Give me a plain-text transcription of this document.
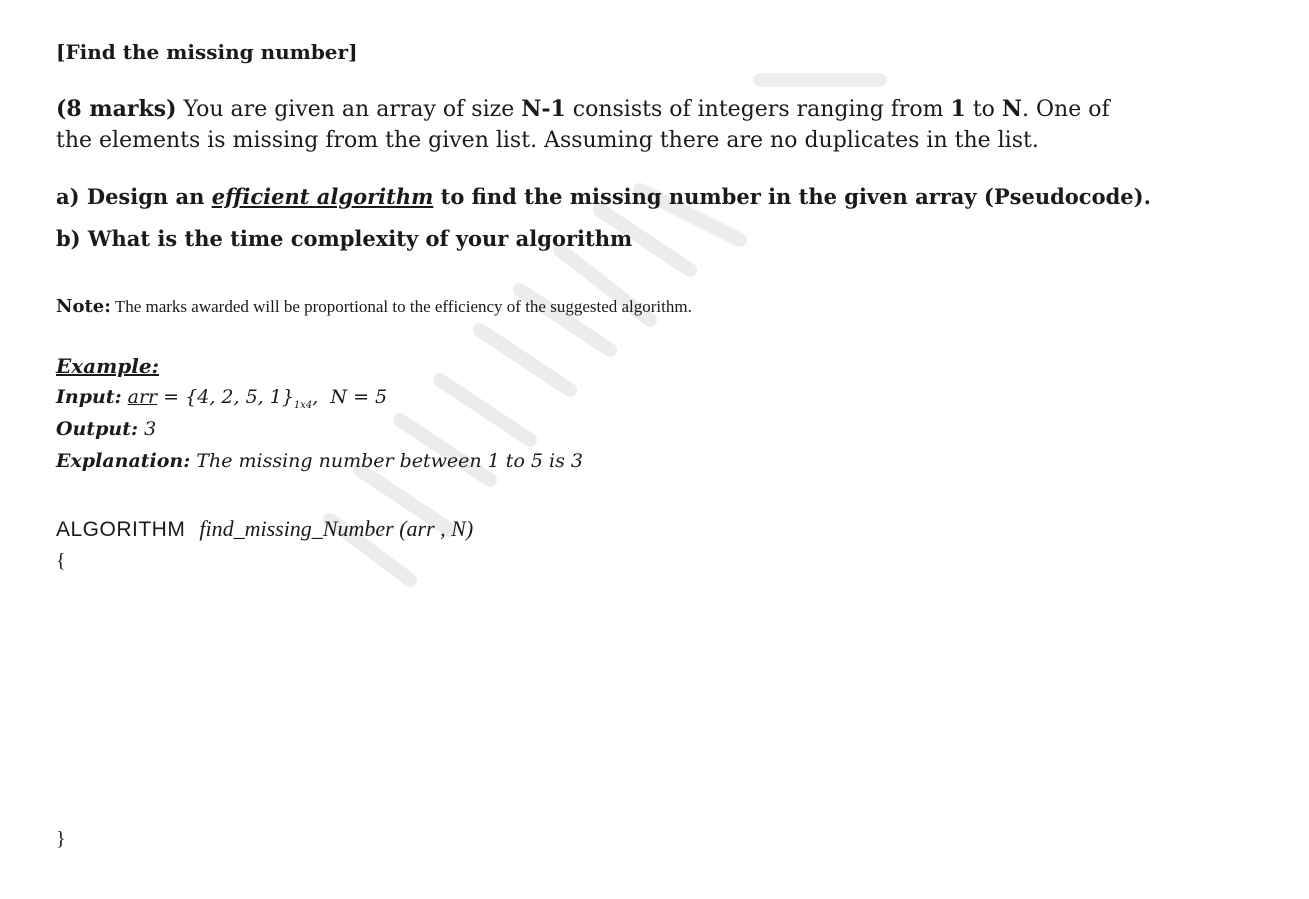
[Find the missing number]
(8 marks) You are given an array of size N-1 consists of integers ranging from 1 to N. One of
the elements is missing from the given list. Assuming there are no duplicates in the list.
a) Design an efficient algorithm to find the missing number in the given array (Pseudocode).
b) What is the time complexity of your algorithm
Note: The marks awarded will be proportional to the efficiency of the suggested algorithm.
Example:
Input: arr = {4, 2, 5, $1\}_{1x4}$,  N = 5
Output: 3
Explanation: The missing number between 1 to 5 is 3
ALGORITHM find_missing_Number (arr , N)
{
}
